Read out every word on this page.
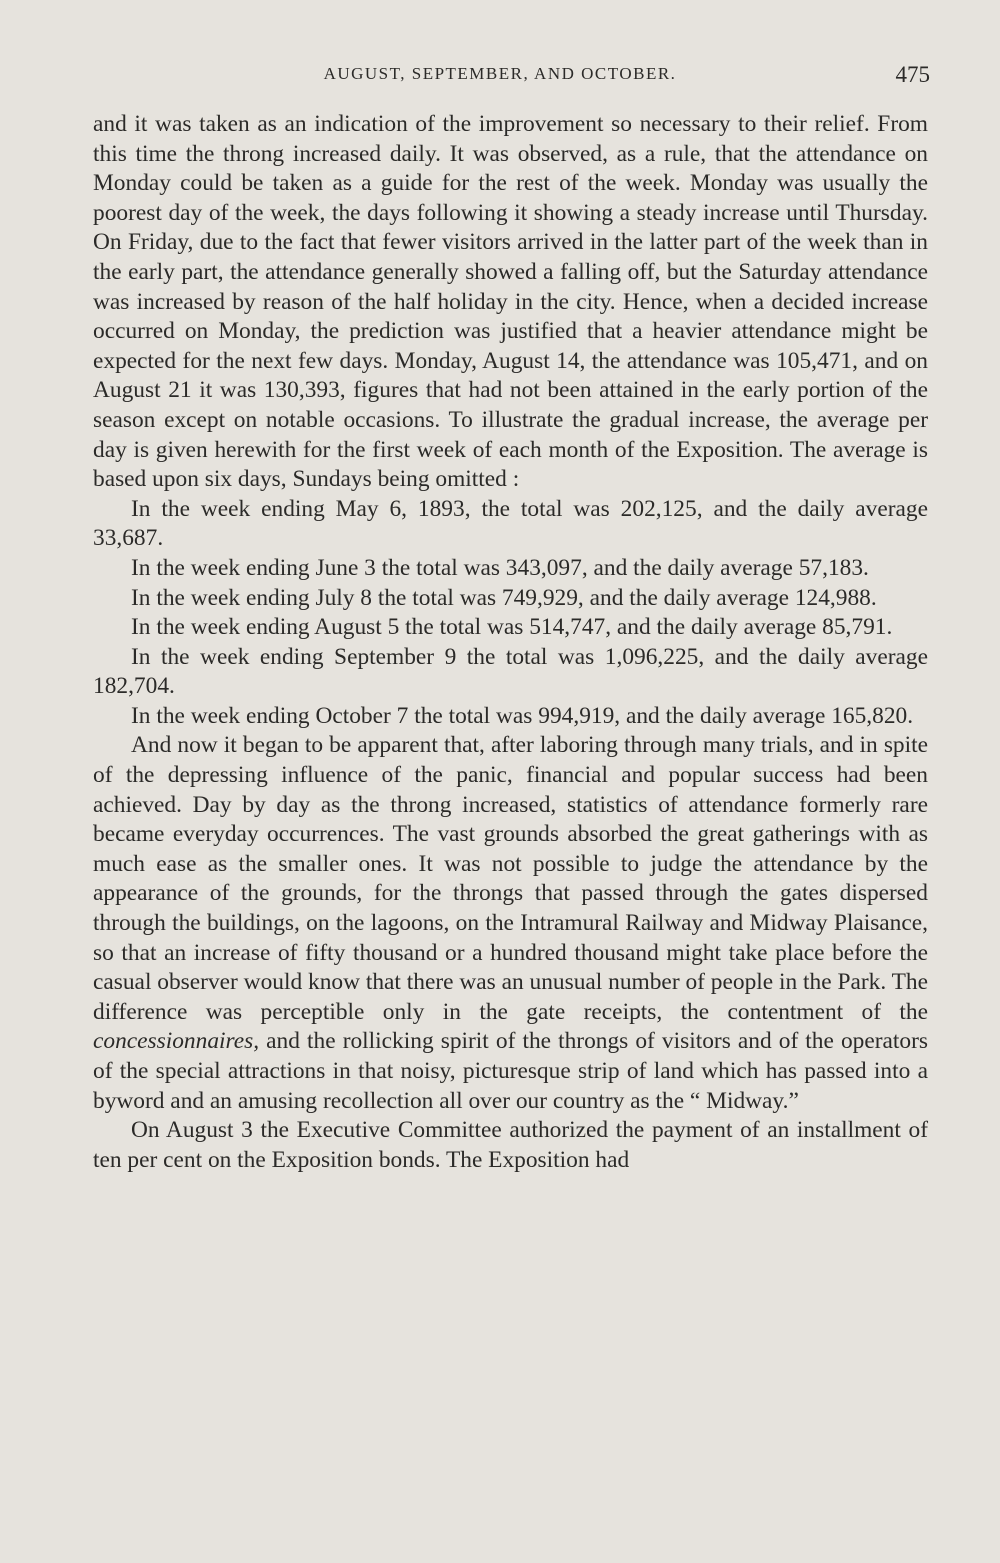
AUGUST, SEPTEMBER, AND OCTOBER.	475

and it was taken as an indication of the improvement so necessary to their relief. From this time the throng increased daily. It was observed, as a rule, that the attendance on Monday could be taken as a guide for the rest of the week. Monday was usually the poorest day of the week, the days following it showing a steady increase until Thursday. On Friday, due to the fact that fewer visitors arrived in the latter part of the week than in the early part, the attendance generally showed a falling off, but the Saturday attendance was increased by reason of the half holiday in the city. Hence, when a decided increase occurred on Monday, the prediction was justified that a heavier attendance might be expected for the next few days. Monday, August 14, the attendance was 105,471, and on August 21 it was 130,393, figures that had not been attained in the early portion of the season except on notable occasions. To illustrate the gradual increase, the average per day is given herewith for the first week of each month of the Exposition. The average is based upon six days, Sundays being omitted :

In the week ending May 6, 1893, the total was 202,125, and the daily average 33,687.

In the week ending June 3 the total was 343,097, and the daily average 57,183.

In the week ending July 8 the total was 749,929, and the daily average 124,988.

In the week ending August 5 the total was 514,747, and the daily average 85,791.

In the week ending September 9 the total was 1,096,225, and the daily average 182,704.

In the week ending October 7 the total was 994,919, and the daily average 165,820.

And now it began to be apparent that, after laboring through many trials, and in spite of the depressing influence of the panic, financial and popular success had been achieved. Day by day as the throng increased, statistics of attendance formerly rare became everyday occurrences. The vast grounds absorbed the great gatherings with as much ease as the smaller ones. It was not possible to judge the attendance by the appearance of the grounds, for the throngs that passed through the gates dispersed through the buildings, on the lagoons, on the Intramural Railway and Midway Plaisance, so that an increase of fifty thousand or a hundred thousand might take place before the casual observer would know that there was an unusual number of people in the Park. The difference was perceptible only in the gate receipts, the contentment of the concessionnaires, and the rollicking spirit of the throngs of visitors and of the operators of the special attractions in that noisy, picturesque strip of land which has passed into a byword and an amusing recollection all over our country as the “ Midway.”

On August 3 the Executive Committee authorized the payment of an installment of ten per cent on the Exposition bonds. The Exposition had
